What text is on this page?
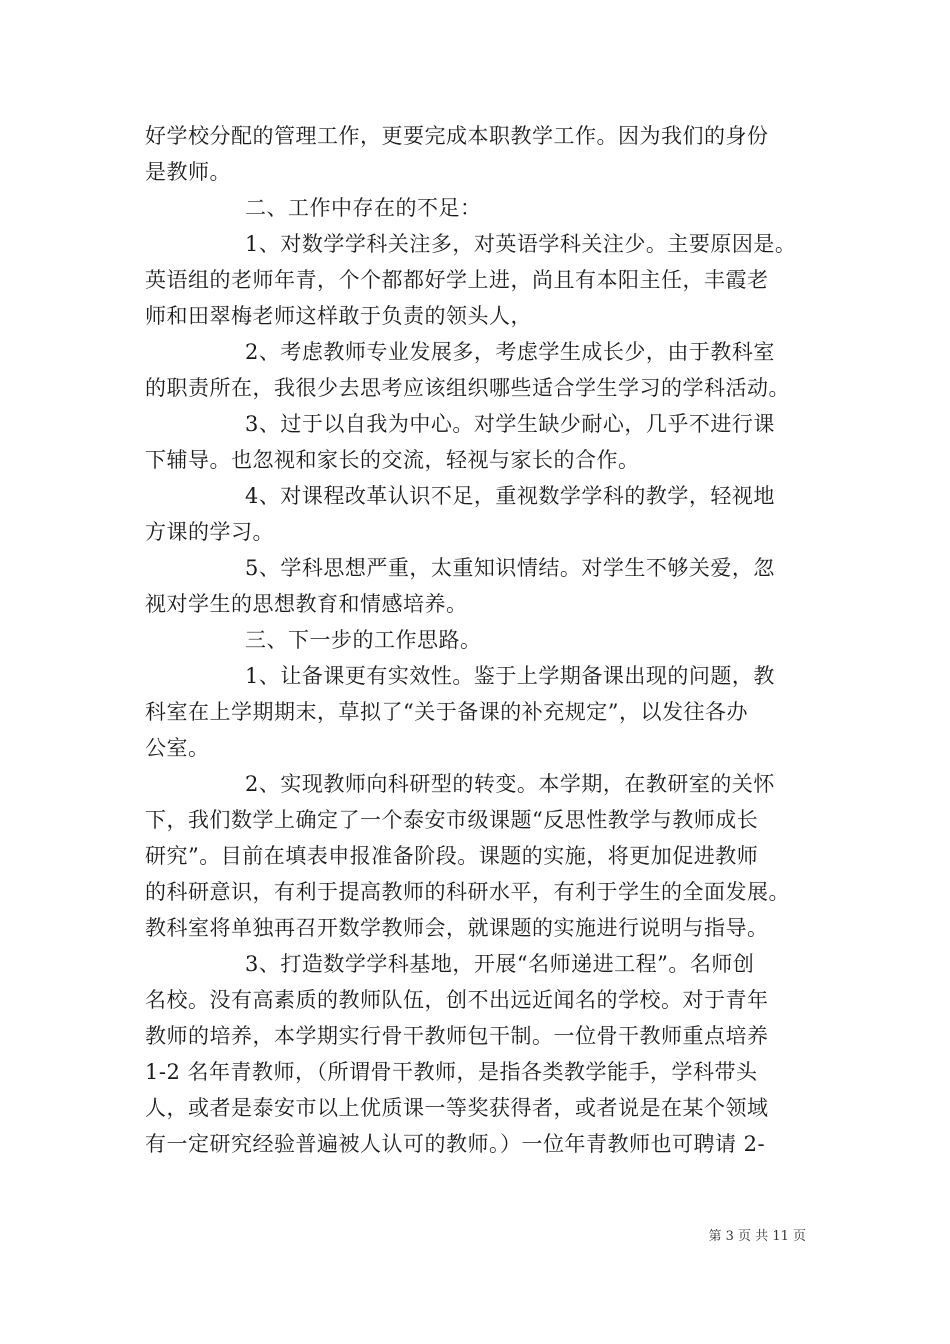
好学校分配的管理工作，更要完成本职教学工作。因为我们的身份
是教师。
二、工作中存在的不足：
1、对数学学科关注多，对英语学科关注少。主要原因是。
英语组的老师年青，个个都都好学上进，尚且有本阳主任，丰霞老
师和田翠梅老师这样敢于负责的领头人，
2、考虑教师专业发展多，考虑学生成长少，由于教科室
的职责所在，我很少去思考应该组织哪些适合学生学习的学科活动。
3、过于以自我为中心。对学生缺少耐心，几乎不进行课
下辅导。也忽视和家长的交流，轻视与家长的合作。
4、对课程改革认识不足，重视数学学科的教学，轻视地
方课的学习。
5、学科思想严重，太重知识情结。对学生不够关爱，忽
视对学生的思想教育和情感培养。
三、下一步的工作思路。
1、让备课更有实效性。鉴于上学期备课出现的问题，教
科室在上学期期末，草拟了“关于备课的补充规定”，以发往各办
公室。
2、实现教师向科研型的转变。本学期，在教研室的关怀
下，我们数学上确定了一个泰安市级课题“反思性教学与教师成长
研究”。目前在填表申报准备阶段。课题的实施，将更加促进教师
的科研意识，有利于提高教师的科研水平，有利于学生的全面发展。
教科室将单独再召开数学教师会，就课题的实施进行说明与指导。
3、打造数学学科基地，开展“名师递进工程”。名师创
名校。没有高素质的教师队伍，创不出远近闻名的学校。对于青年
教师的培养，本学期实行骨干教师包干制。一位骨干教师重点培养
1-2 名年青教师，（所谓骨干教师，是指各类教学能手，学科带头
人，或者是泰安市以上优质课一等奖获得者，或者说是在某个领域
有一定研究经验普遍被人认可的教师。）一位年青教师也可聘请 2-
第 3 页 共 11 页
